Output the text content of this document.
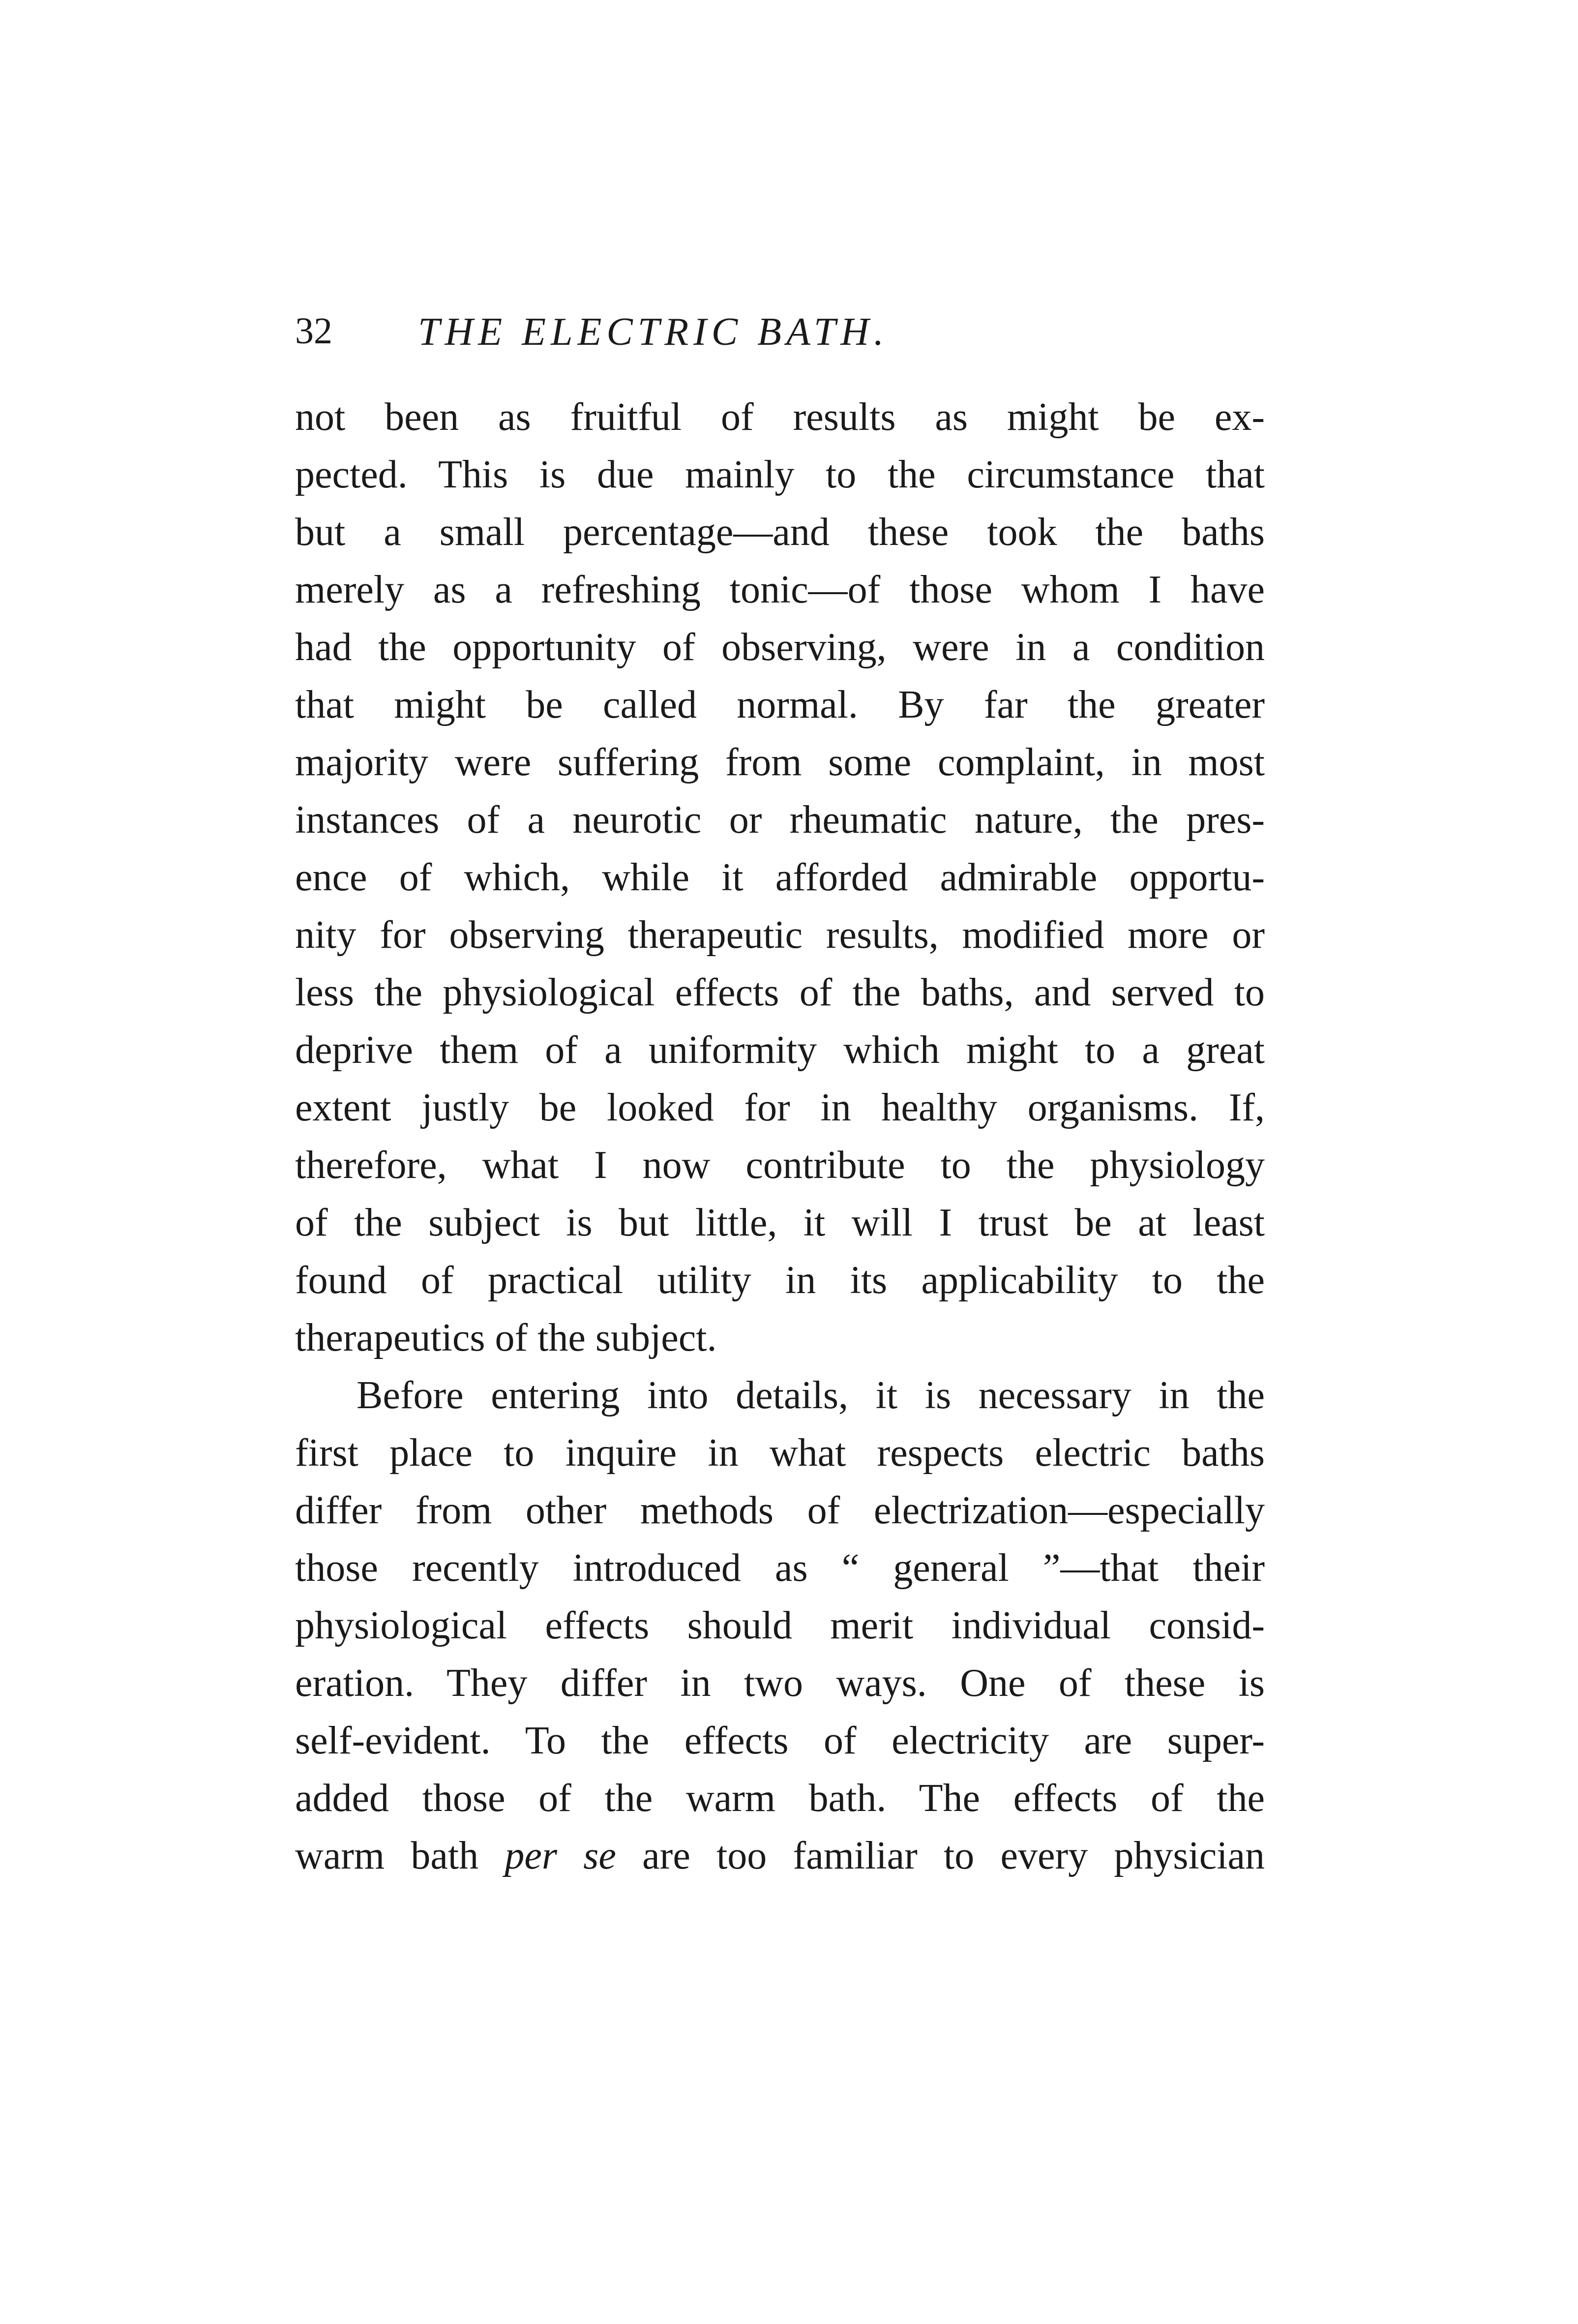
32 THE ELECTRIC BATH.
not been as fruitful of results as might be ex-
pected. This is due mainly to the circumstance that
but a small percentage—and these took the baths
merely as a refreshing tonic—of those whom I have
had the opportunity of observing, were in a condition
that might be called normal. By far the greater
majority were suffering from some complaint, in most
instances of a neurotic or rheumatic nature, the pres-
ence of which, while it afforded admirable opportu-
nity for observing therapeutic results, modified more or
less the physiological effects of the baths, and served to
deprive them of a uniformity which might to a great
extent justly be looked for in healthy organisms. If,
therefore, what I now contribute to the physiology
of the subject is but little, it will I trust be at least
found of practical utility in its applicability to the
therapeutics of the subject.
Before entering into details, it is necessary in the
first place to inquire in what respects electric baths
differ from other methods of electrization—especially
those recently introduced as “ general ”—that their
physiological effects should merit individual consid-
eration. They differ in two ways. One of these is
self-evident. To the effects of electricity are super-
added those of the warm bath. The effects of the
warm bath per se are too familiar to every physician
